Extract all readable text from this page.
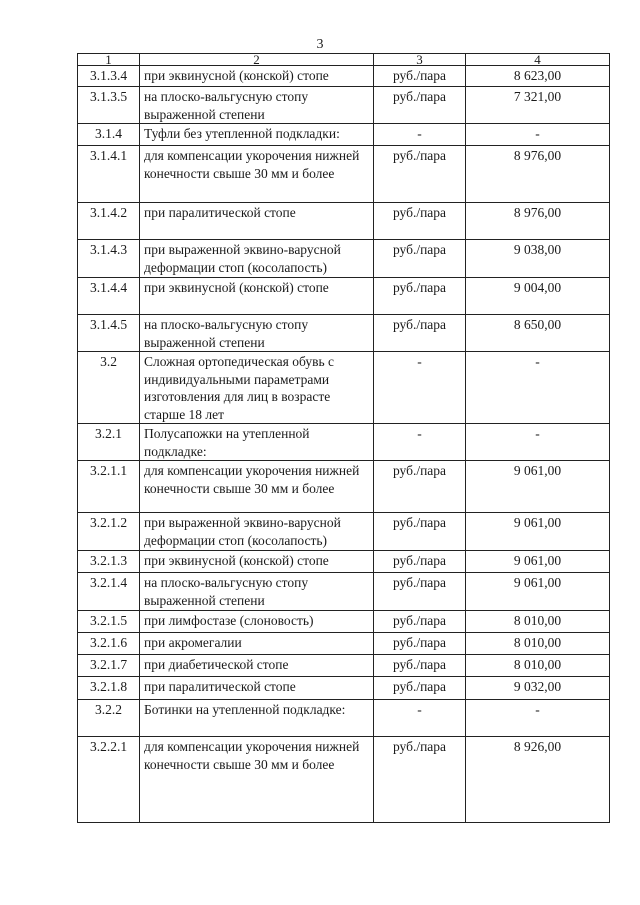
3
1	2	3	4
3.1.3.4	при эквинусной (конской) стопе	руб./пара	8 623,00
3.1.3.5	на плоско-вальгусную стопу выраженной степени	руб./пара	7 321,00
3.1.4	Туфли без утепленной подкладки:	-	-
3.1.4.1	для компенсации укорочения нижней конечности свыше 30 мм и более	руб./пара	8 976,00
3.1.4.2	при паралитической стопе	руб./пара	8 976,00
3.1.4.3	при выраженной эквино-варусной деформации стоп (косолапость)	руб./пара	9 038,00
3.1.4.4	при эквинусной (конской) стопе	руб./пара	9 004,00
3.1.4.5	на плоско-вальгусную стопу выраженной степени	руб./пара	8 650,00
3.2	Сложная ортопедическая обувь с индивидуальными параметрами изготовления для лиц в возрасте старше 18 лет	-	-
3.2.1	Полусапожки на утепленной подкладке:	-	-
3.2.1.1	для компенсации укорочения нижней конечности свыше 30 мм и более	руб./пара	9 061,00
3.2.1.2	при выраженной эквино-варусной деформации стоп (косолапость)	руб./пара	9 061,00
3.2.1.3	при эквинусной (конской) стопе	руб./пара	9 061,00
3.2.1.4	на плоско-вальгусную стопу выраженной степени	руб./пара	9 061,00
3.2.1.5	при лимфостазе (слоновость)	руб./пара	8 010,00
3.2.1.6	при акромегалии	руб./пара	8 010,00
3.2.1.7	при диабетической стопе	руб./пара	8 010,00
3.2.1.8	при паралитической стопе	руб./пара	9 032,00
3.2.2	Ботинки на утепленной подкладке:	-	-
3.2.2.1	для компенсации укорочения нижней конечности свыше 30 мм и более	руб./пара	8 926,00
